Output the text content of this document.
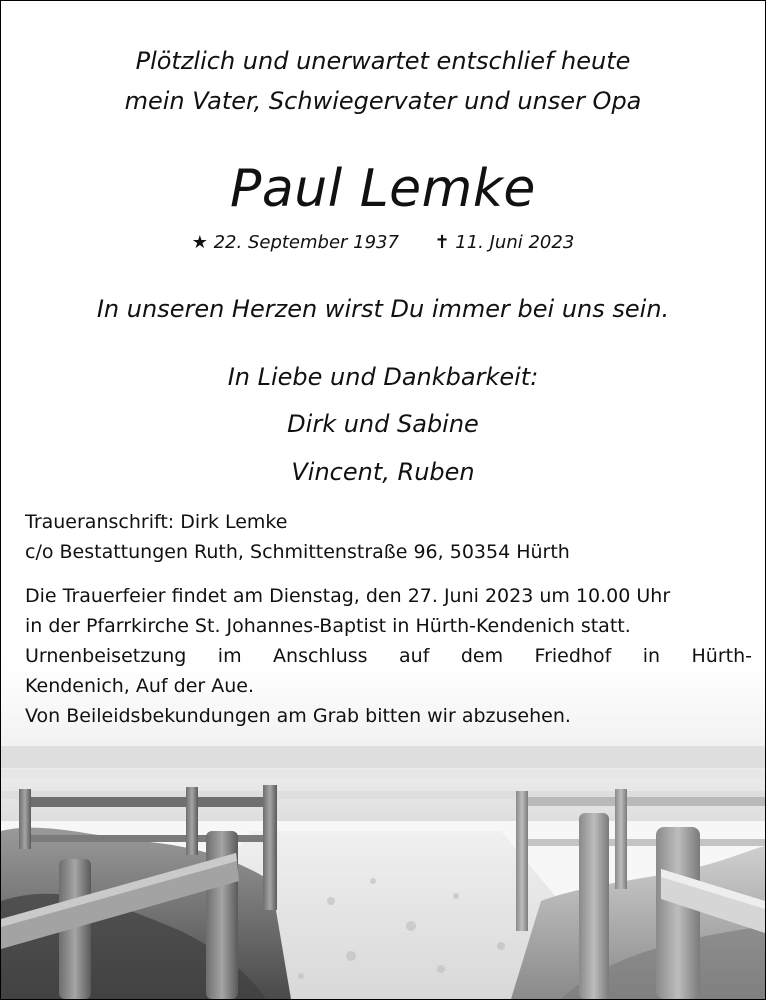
Plötzlich und unerwartet entschlief heute
mein Vater, Schwiegervater und unser Opa
Paul Lemke
★ 22. September 1937 ✝ 11. Juni 2023
In unseren Herzen wirst Du immer bei uns sein.
In Liebe und Dankbarkeit:
Dirk und Sabine
Vincent, Ruben
Traueranschrift: Dirk Lemke
c/o Bestattungen Ruth, Schmittenstraße 96, 50354 Hürth
Die Trauerfeier findet am Dienstag, den 27. Juni 2023 um 10.00 Uhr
in der Pfarrkirche St. Johannes-Baptist in Hürth-Kendenich statt.
Urnenbeisetzung im Anschluss auf dem Friedhof in Hürth-
Kendenich, Auf der Aue.
Von Beileidsbekundungen am Grab bitten wir abzusehen.
